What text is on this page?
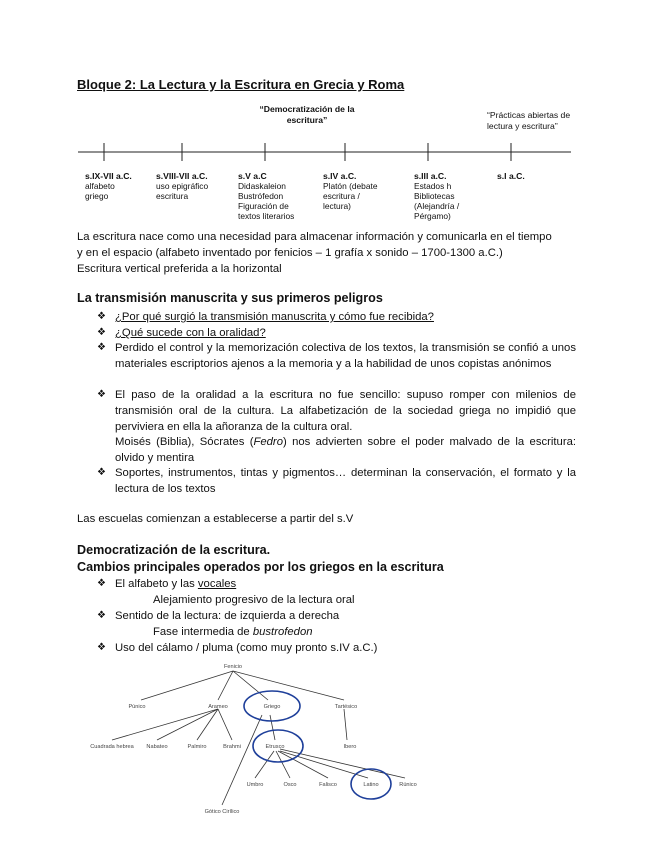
Bloque 2: La Lectura y la Escritura en Grecia y Roma
“Democratización de la escritura”	“Prácticas abiertas de lectura y escritura”
s.IX-VII a.C.
alfabeto griego
s.VIII-VII a.C.
uso epigráfico escritura
s.V a.C
Didaskaleion Bustrófedon Figuración de textos literarios
s.IV a.C.
Platón (debate escritura / lectura)
s.III a.C.
Estados h Bibliotecas (Alejandría / Pérgamo)
s.I a.C.
La escritura nace como una necesidad para almacenar información y comunicarla en el tiempo
y en el espacio (alfabeto inventado por fenicios – 1 grafía x sonido – 1700-1300 a.C.)
Escritura vertical preferida a la horizontal
La transmisión manuscrita y sus primeros peligros
❖ ¿Por qué surgió la transmisión manuscrita y cómo fue recibida?
❖ ¿Qué sucede con la oralidad?
❖ Perdido el control y la memorización colectiva de los textos, la transmisión se confió a unos materiales escriptorios ajenos a la memoria y a la habilidad de unos copistas anónimos
❖ El paso de la oralidad a la escritura no fue sencillo: supuso romper con milenios de transmisión oral de la cultura. La alfabetización de la sociedad griega no impidió que perviviera en ella la añoranza de la cultura oral.
Moisés (Biblia), Sócrates (Fedro) nos advierten sobre el poder malvado de la escritura: olvido y mentira
❖ Soportes, instrumentos, tintas y pigmentos… determinan la conservación, el formato y la lectura de los textos
Las escuelas comienzan a establecerse a partir del s.V
Democratización de la escritura.
Cambios principales operados por los griegos en la escritura
❖ El alfabeto y las vocales
Alejamiento progresivo de la lectura oral
❖ Sentido de la lectura: de izquierda a derecha
Fase intermedia de bustrofedon
❖ Uso del cálamo / pluma (como muy pronto s.IV a.C.)
Fenicio
Púnico	Arameo	Griego	Tartésico
Cuadrada hebrea Nabateo	Palmiro	Brahmi	Etrusco	Ibero
Umbro	Osco	Falisco	Latino	Rúnico
Gótico Cirílico
